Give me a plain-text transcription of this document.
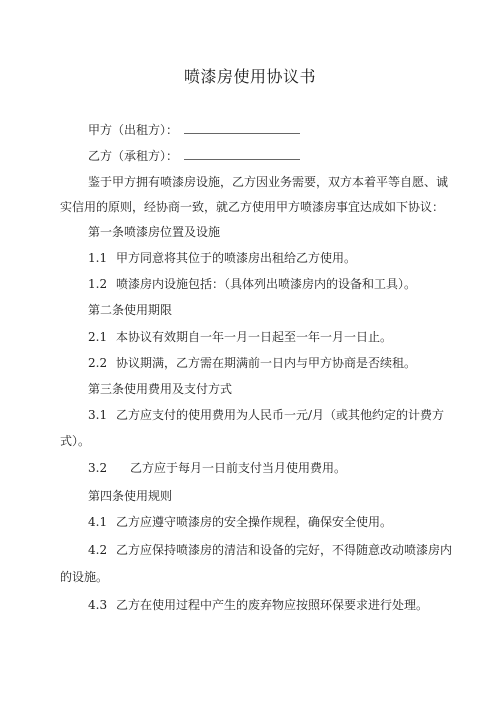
喷漆房使用协议书
甲方（出租方）：
乙方（承租方）：
鉴于甲方拥有喷漆房设施，乙方因业务需要，双方本着平等自愿、诚
实信用的原则，经协商一致，就乙方使用甲方喷漆房事宜达成如下协议：
第一条喷漆房位置及设施
1.1 甲方同意将其位于的喷漆房出租给乙方使用。
1.2 喷漆房内设施包括：（具体列出喷漆房内的设备和工具）。
第二条使用期限
2.1 本协议有效期自一年一月一日起至一年一月一日止。
2.2 协议期满，乙方需在期满前一日内与甲方协商是否续租。
第三条使用费用及支付方式
3.1 乙方应支付的使用费用为人民币一元/月（或其他约定的计费方
式）。
3.2 乙方应于每月一日前支付当月使用费用。
第四条使用规则
4.1 乙方应遵守喷漆房的安全操作规程，确保安全使用。
4.2 乙方应保持喷漆房的清洁和设备的完好，不得随意改动喷漆房内
的设施。
4.3 乙方在使用过程中产生的废弃物应按照环保要求进行处理。
